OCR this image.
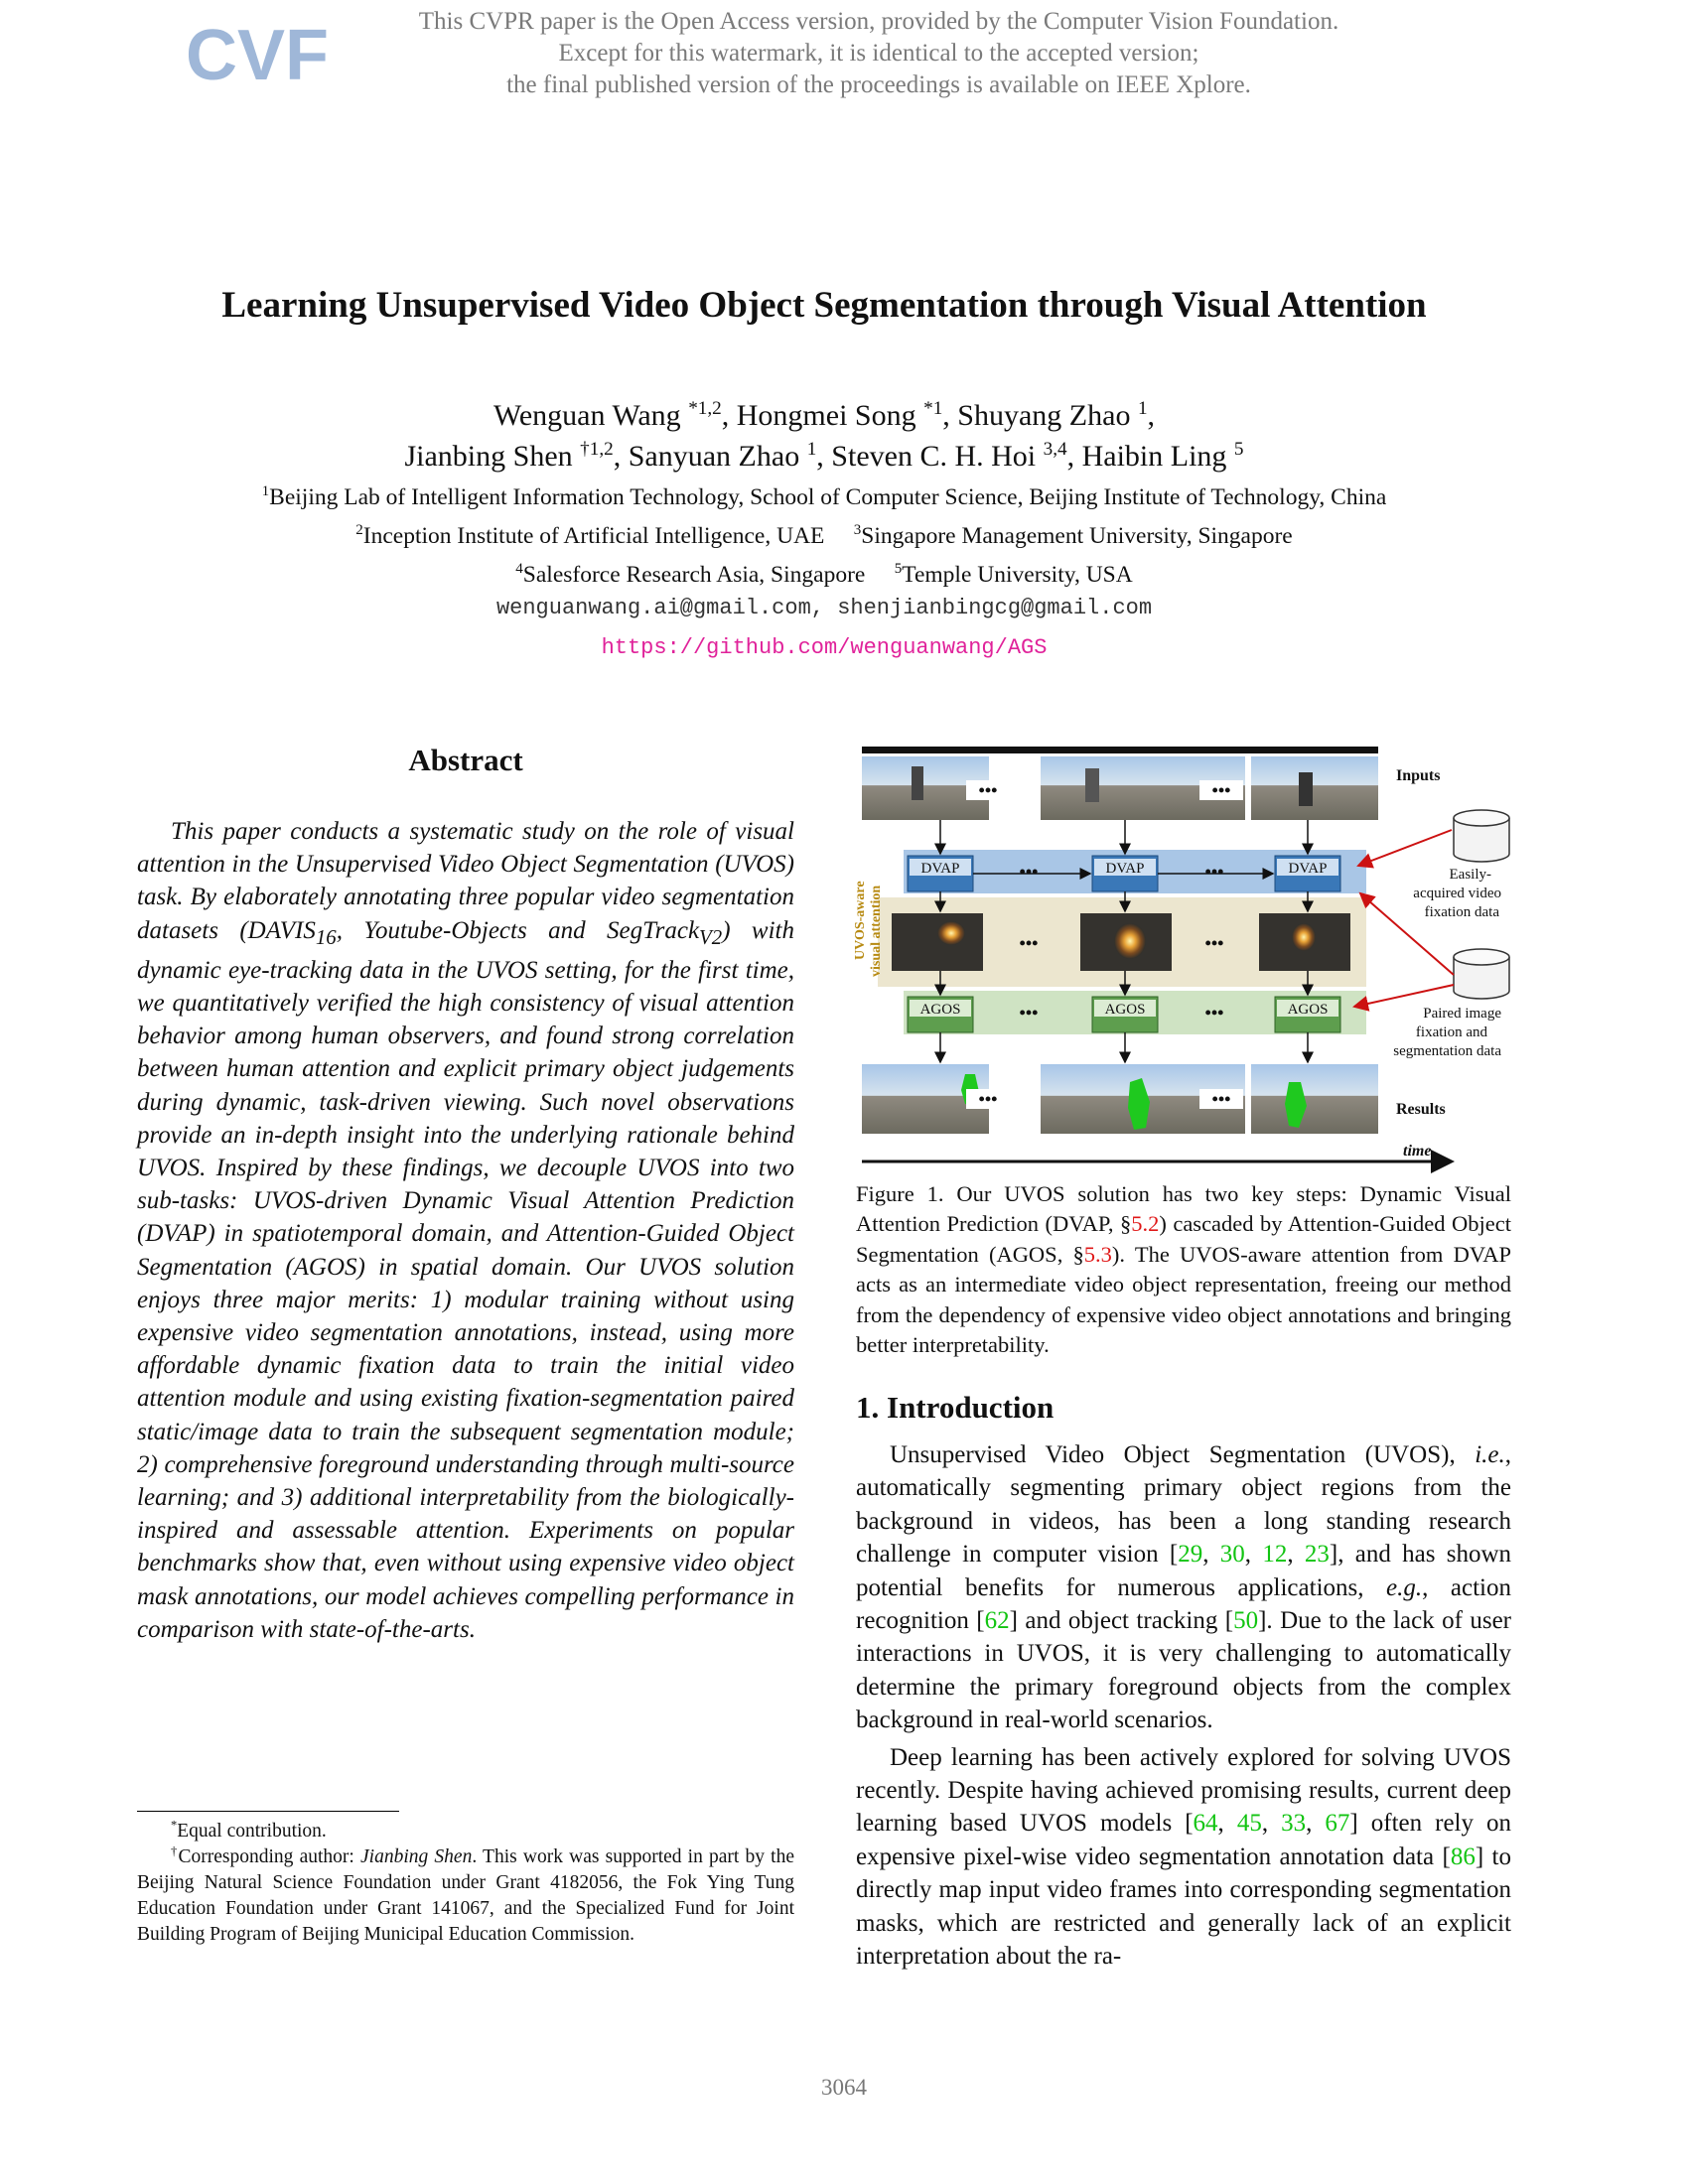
CVF	This CVPR paper is the Open Access version, provided by the Computer Vision Foundation.
Except for this watermark, it is identical to the accepted version;
the final published version of the proceedings is available on IEEE Xplore.
Learning Unsupervised Video Object Segmentation through Visual Attention
Wenguan Wang $^{*1,2}$, Hongmei Song $^{*1}$, Shuyang Zhao $^1$,
Jianbing Shen $^{\dagger 1,2}$, Sanyuan Zhao $^1$, Steven C. H. Hoi $^{3,4}$, Haibin Ling $^5$
$^1$Beijing Lab of Intelligent Information Technology, School of Computer Science, Beijing Institute of Technology, China
$^2$Inception Institute of Artificial Intelligence, UAE $^3$Singapore Management University, Singapore
$^4$Salesforce Research Asia, Singapore $^5$Temple University, USA
wenguanwang.ai@gmail.com, shenjianbingcg@gmail.com
https://github.com/wenguanwang/AGS
Abstract

This paper conducts a systematic study on the role of visual attention in the Unsupervised Video Object Segmentation (UVOS) task. By elaborately annotating three popular video segmentation datasets ($DAVIS_{16}$, Youtube-Objects and SegTrack$_{V2}$) with dynamic eye-tracking data in the UVOS setting, for the first time, we quantitatively verified the high consistency of visual attention behavior among human observers, and found strong correlation between human attention and explicit primary object judgements during dynamic, task-driven viewing. Such novel observations provide an in-depth insight into the underlying rationale behind UVOS. Inspired by these findings, we decouple UVOS into two sub-tasks: UVOS-driven Dynamic Visual Attention Prediction (DVAP) in spatiotemporal domain, and Attention-Guided Object Segmentation (AGOS) in spatial domain. Our UVOS solution enjoys three major merits: 1) modular training without using expensive video segmentation annotations, instead, using more affordable dynamic fixation data to train the initial video attention module and using existing fixation-segmentation paired static/image data to train the subsequent segmentation module; 2) comprehensive foreground understanding through multi-source learning; and 3) additional interpretability from the biologically-inspired and assessable attention. Experiments on popular benchmarks show that, even without using expensive video object mask annotations, our model achieves compelling performance in comparison with state-of-the-arts.

*Equal contribution.

†Corresponding author: Jianbing Shen. This work was supported in part by the Beijing Natural Science Foundation under Grant 4182056, the Fok Ying Tung Education Foundation under Grant 141067, and the Specialized Fund for Joint Building Program of Beijing Municipal Education Commission.

•••	•••
Inputs
DVAP	DVAP	DVAP
•••	•••
•••	•••
UVOS-aware visual attention
AGOS	AGOS	AGOS
•••	•••
Easily-
acquired video
fixation data
Paired image
fixation and
segmentation data
•••	•••
Results
time
Figure 1. Our UVOS solution has two key steps: Dynamic Visual Attention Prediction (DVAP, §5.2) cascaded by Attention-Guided Object Segmentation (AGOS, §5.3). The UVOS-aware attention from DVAP acts as an intermediate video object representation, freeing our method from the dependency of expensive video object annotations and bringing better interpretability.
1. Introduction

Unsupervised Video Object Segmentation (UVOS), i.e., automatically segmenting primary object regions from the background in videos, has been a long standing research challenge in computer vision [29, 30, 12, 23], and has shown potential benefits for numerous applications, e.g., action recognition [62] and object tracking [50]. Due to the lack of user interactions in UVOS, it is very challenging to automatically determine the primary foreground objects from the complex background in real-world scenarios.

Deep learning has been actively explored for solving UVOS recently. Despite having achieved promising results, current deep learning based UVOS models [64, 45, 33, 67] often rely on expensive pixel-wise video segmentation annotation data [86] to directly map input video frames into corresponding segmentation masks, which are restricted and generally lack of an explicit interpretation about the ra-

3064
